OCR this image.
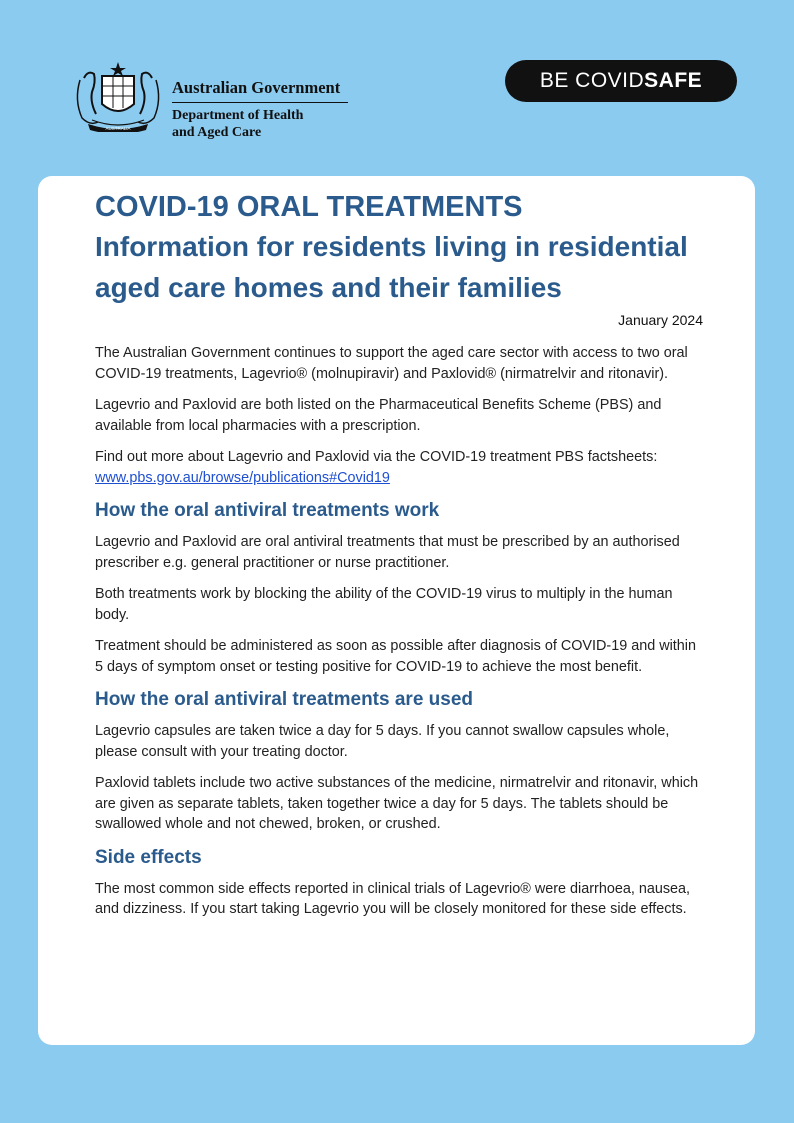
AUSTRALIA
Australian Government
Department of Health
and Aged Care
BE COVID SAFE
COVID-19 ORAL TREATMENTS
Information for residents living in residential aged care homes and their families
January 2024

The Australian Government continues to support the aged care sector with access to two oral COVID-19 treatments, Lagevrio® (molnupiravir) and Paxlovid® (nirmatrelvir and ritonavir).

Lagevrio and Paxlovid are both listed on the Pharmaceutical Benefits Scheme (PBS) and available from local pharmacies with a prescription.

Find out more about Lagevrio and Paxlovid via the COVID-19 treatment PBS factsheets: www.pbs.gov.au/browse/publications#Covid19

How the oral antiviral treatments work

Lagevrio and Paxlovid are oral antiviral treatments that must be prescribed by an authorised prescriber e.g. general practitioner or nurse practitioner.

Both treatments work by blocking the ability of the COVID-19 virus to multiply in the human body.

Treatment should be administered as soon as possible after diagnosis of COVID-19 and within 5 days of symptom onset or testing positive for COVID-19 to achieve the most benefit.

How the oral antiviral treatments are used

Lagevrio capsules are taken twice a day for 5 days. If you cannot swallow capsules whole, please consult with your treating doctor.

Paxlovid tablets include two active substances of the medicine, nirmatrelvir and ritonavir, which are given as separate tablets, taken together twice a day for 5 days. The tablets should be swallowed whole and not chewed, broken, or crushed.

Side effects

The most common side effects reported in clinical trials of Lagevrio® were diarrhoea, nausea, and dizziness. If you start taking Lagevrio you will be closely monitored for these side effects.
